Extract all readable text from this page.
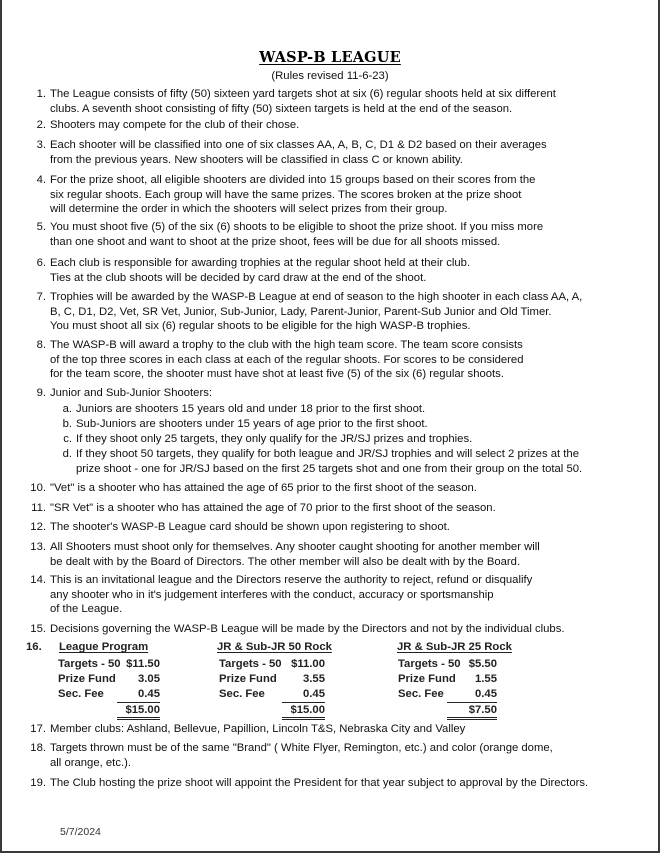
WASP-B LEAGUE
(Rules revised 11-6-23)
1. The League consists of fifty (50) sixteen yard targets shot at six (6) regular shoots held at six different
clubs. A seventh shoot consisting of fifty (50) sixteen targets is held at the end of the season.
2. Shooters may compete for the club of their chose.
3. Each shooter will be classified into one of six classes AA, A, B, C, D1 & D2 based on their averages
from the previous years. New shooters will be classified in class C or known ability.
4. For the prize shoot, all eligible shooters are divided into 15 groups based on their scores from the
six regular shoots. Each group will have the same prizes. The scores broken at the prize shoot
will determine the order in which the shooters will select prizes from their group.
5. You must shoot five (5) of the six (6) shoots to be eligible to shoot the prize shoot. If you miss more
than one shoot and want to shoot at the prize shoot, fees will be due for all shoots missed.
6. Each club is responsible for awarding trophies at the regular shoot held at their club.
Ties at the club shoots will be decided by card draw at the end of the shoot.
7. Trophies will be awarded by the WASP-B League at end of season to the high shooter in each class AA, A,
B, C, D1, D2, Vet, SR Vet, Junior, Sub-Junior, Lady, Parent-Junior, Parent-Sub Junior and Old Timer.
You must shoot all six (6) regular shoots to be eligible for the high WASP-B trophies.
8. The WASP-B will award a trophy to the club with the high team score. The team score consists
of the top three scores in each class at each of the regular shoots. For scores to be considered
for the team score, the shooter must have shot at least five (5) of the six (6) regular shoots.
9. Junior and Sub-Junior Shooters:
a. Juniors are shooters 15 years old and under 18 prior to the first shoot.
b. Sub-Juniors are shooters under 15 years of age prior to the first shoot.
c. If they shoot only 25 targets, they only qualify for the JR/SJ prizes and trophies.
d. If they shoot 50 targets, they qualify for both league and JR/SJ trophies and will select 2 prizes at the
prize shoot - one for JR/SJ based on the first 25 targets shot and one from their group on the total 50.
10. "Vet" is a shooter who has attained the age of 65 prior to the first shoot of the season.
11. "SR Vet" is a shooter who has attained the age of 70 prior to the first shoot of the season.
12. The shooter's WASP-B League card should be shown upon registering to shoot.
13. All Shooters must shoot only for themselves. Any shooter caught shooting for another member will
be dealt with by the Board of Directors. The other member will also be dealt with by the Board.
14. This is an invitational league and the Directors reserve the authority to reject, refund or disqualify
any shooter who in it's judgement interferes with the conduct, accuracy or sportsmanship
of the League.
15. Decisions governing the WASP-B League will be made by the Directors and not by the individual clubs.
16. League Program
Targets - 50 $11.50
Prize Fund 3.05
Sec. Fee	0.45
$15.00
JR & Sub-JR 50 Rock
Targets - 50 $11.00
Prize Fund 3.55
Sec. Fee	0.45
$15.00
JR & Sub-JR 25 Rock
Targets - 50 $5.50
Prize Fund 1.55
Sec. Fee	0.45
$7.50
17. Member clubs: Ashland, Bellevue, Papillion, Lincoln T&S, Nebraska City and Valley
18. Targets thrown must be of the same "Brand" ( White Flyer, Remington, etc.) and color (orange dome,
all orange, etc.).
19. The Club hosting the prize shoot will appoint the President for that year subject to approval by the Directors.
5/7/2024
